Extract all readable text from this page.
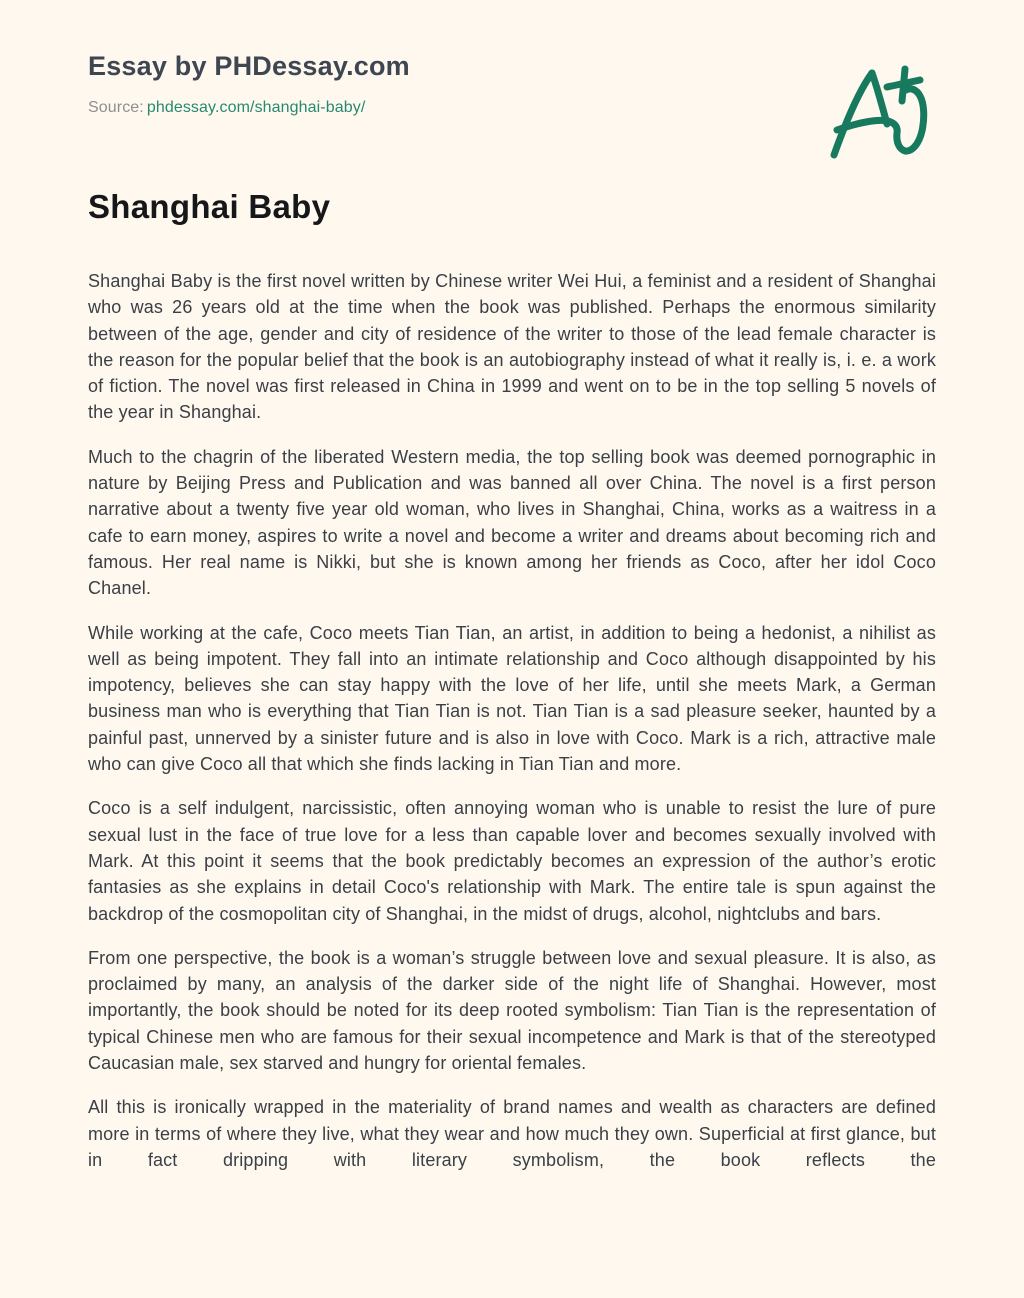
Essay by PHDessay.com
Source: phdessay.com/shanghai-baby/
Shanghai Baby

Shanghai Baby is the first novel written by Chinese writer Wei Hui, a feminist and a resident of Shanghai who was 26 years old at the time when the book was published. Perhaps the enormous similarity between of the age, gender and city of residence of the writer to those of the lead female character is the reason for the popular belief that the book is an autobiography instead of what it really is, i. e. a work of fiction. The novel was first released in China in 1999 and went on to be in the top selling 5 novels of the year in Shanghai.

Much to the chagrin of the liberated Western media, the top selling book was deemed pornographic in nature by Beijing Press and Publication and was banned all over China. The novel is a first person narrative about a twenty five year old woman, who lives in Shanghai, China, works as a waitress in a cafe to earn money, aspires to write a novel and become a writer and dreams about becoming rich and famous. Her real name is Nikki, but she is known among her friends as Coco, after her idol Coco Chanel.

While working at the cafe, Coco meets Tian Tian, an artist, in addition to being a hedonist, a nihilist as well as being impotent. They fall into an intimate relationship and Coco although disappointed by his impotency, believes she can stay happy with the love of her life, until she meets Mark, a German business man who is everything that Tian Tian is not. Tian Tian is a sad pleasure seeker, haunted by a painful past, unnerved by a sinister future and is also in love with Coco. Mark is a rich, attractive male who can give Coco all that which she finds lacking in Tian Tian and more.

Coco is a self indulgent, narcissistic, often annoying woman who is unable to resist the lure of pure sexual lust in the face of true love for a less than capable lover and becomes sexually involved with Mark. At this point it seems that the book predictably becomes an expression of the author’s erotic fantasies as she explains in detail Coco's relationship with Mark. The entire tale is spun against the backdrop of the cosmopolitan city of Shanghai, in the midst of drugs, alcohol, nightclubs and bars.

From one perspective, the book is a woman’s struggle between love and sexual pleasure. It is also, as proclaimed by many, an analysis of the darker side of the night life of Shanghai. However, most importantly, the book should be noted for its deep rooted symbolism: Tian Tian is the representation of typical Chinese men who are famous for their sexual incompetence and Mark is that of the stereotyped Caucasian male, sex starved and hungry for oriental females.

All this is ironically wrapped in the materiality of brand names and wealth as characters are defined more in terms of where they live, what they wear and how much they own. Superficial at first glance, but in fact dripping with literary symbolism, the book reflects the
